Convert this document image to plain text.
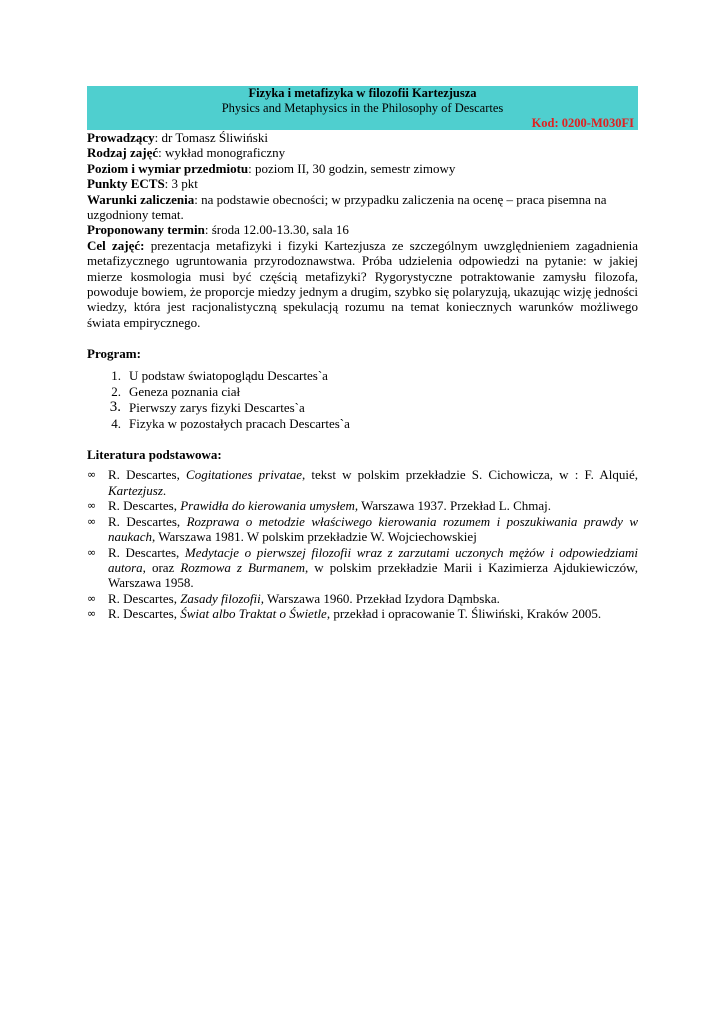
Fizyka i metafizyka w filozofii Kartezjusza
Physics and Metaphysics in the Philosophy of Descartes
Kod: 0200-M030FI

Prowadzący: dr Tomasz Śliwiński

Rodzaj zajęć: wykład monograficzny

Poziom i wymiar przedmiotu: poziom II, 30 godzin, semestr zimowy

Punkty ECTS: 3 pkt

Warunki zaliczenia: na podstawie obecności; w przypadku zaliczenia na ocenę – praca pisemna na uzgodniony temat.

Proponowany termin: środa 12.00-13.30, sala 16

Cel zajęć: prezentacja metafizyki i fizyki Kartezjusza ze szczególnym uwzględnieniem zagadnienia metafizycznego ugruntowania przyrodoznawstwa. Próba udzielenia odpowiedzi na pytanie: w jakiej mierze kosmologia musi być częścią metafizyki? Rygorystyczne potraktowanie zamysłu filozofa, powoduje bowiem, że proporcje miedzy jednym a drugim, szybko się polaryzują, ukazując wizję jedności wiedzy, która jest racjonalistyczną spekulacją rozumu na temat koniecznych warunków możliwego świata empirycznego.

Program:
1. U podstaw światopoglądu Descartes`a
2. Geneza poznania ciał
3. Pierwszy zarys fizyki Descartes`a
4. Fizyka w pozostałych pracach Descartes`a
Literatura podstawowa:
∞ R. Descartes, Cogitationes privatae, tekst w polskim przekładzie S. Cichowicza, w : F. Alquié, Kartezjusz.
∞ R. Descartes, Prawidła do kierowania umysłem, Warszawa 1937. Przekład L. Chmaj.
∞ R. Descartes, Rozprawa o metodzie właściwego kierowania rozumem i poszukiwania prawdy w naukach, Warszawa 1981. W polskim przekładzie W. Wojciechowskiej
∞ R. Descartes, Medytacje o pierwszej filozofii wraz z zarzutami uczonych mężów i odpowiedziami autora, oraz Rozmowa z Burmanem, w polskim przekładzie Marii i Kazimierza Ajdukiewiczów, Warszawa 1958.
∞ R. Descartes, Zasady filozofii, Warszawa 1960. Przekład Izydora Dąmbska.
∞ R. Descartes, Świat albo Traktat o Świetle, przekład i opracowanie T. Śliwiński, Kraków 2005.
